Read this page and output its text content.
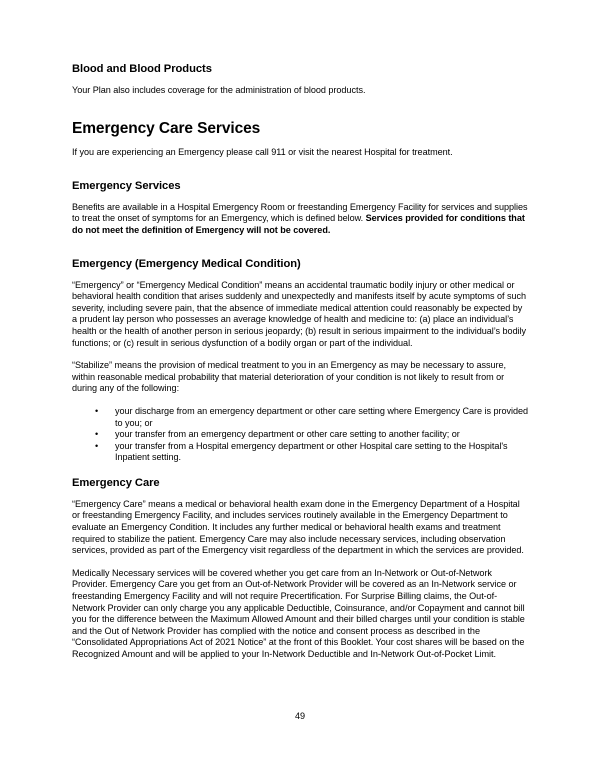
Blood and Blood Products

Your Plan also includes coverage for the administration of blood products.

Emergency Care Services

If you are experiencing an Emergency please call 911 or visit the nearest Hospital for treatment.

Emergency Services

Benefits are available in a Hospital Emergency Room or freestanding Emergency Facility for services and supplies to treat the onset of symptoms for an Emergency, which is defined below. Services provided for conditions that do not meet the definition of Emergency will not be covered.

Emergency (Emergency Medical Condition)

“Emergency” or “Emergency Medical Condition” means an accidental traumatic bodily injury or other medical or behavioral health condition that arises suddenly and unexpectedly and manifests itself by acute symptoms of such severity, including severe pain, that the absence of immediate medical attention could reasonably be expected by a prudent lay person who possesses an average knowledge of health and medicine to: (a) place an individual’s health or the health of another person in serious jeopardy; (b) result in serious impairment to the individual’s bodily functions; or (c) result in serious dysfunction of a bodily organ or part of the individual.

“Stabilize” means the provision of medical treatment to you in an Emergency as may be necessary to assure, within reasonable medical probability that material deterioration of your condition is not likely to result from or during any of the following:

• your discharge from an emergency department or other care setting where Emergency Care is provided to you; or
• your transfer from an emergency department or other care setting to another facility; or
• your transfer from a Hospital emergency department or other Hospital care setting to the Hospital's Inpatient setting.
Emergency Care

“Emergency Care” means a medical or behavioral health exam done in the Emergency Department of a Hospital or freestanding Emergency Facility, and includes services routinely available in the Emergency Department to evaluate an Emergency Condition. It includes any further medical or behavioral health exams and treatment required to stabilize the patient. Emergency Care may also include necessary services, including observation services, provided as part of the Emergency visit regardless of the department in which the services are provided.

Medically Necessary services will be covered whether you get care from an In-Network or Out-of-Network Provider. Emergency Care you get from an Out-of-Network Provider will be covered as an In-Network service or freestanding Emergency Facility and will not require Precertification. For Surprise Billing claims, the Out-of-Network Provider can only charge you any applicable Deductible, Coinsurance, and/or Copayment and cannot bill you for the difference between the Maximum Allowed Amount and their billed charges until your condition is stable and the Out of Network Provider has complied with the notice and consent process as described in the “Consolidated Appropriations Act of 2021 Notice” at the front of this Booklet. Your cost shares will be based on the Recognized Amount and will be applied to your In-Network Deductible and In-Network Out-of-Pocket Limit.

49
